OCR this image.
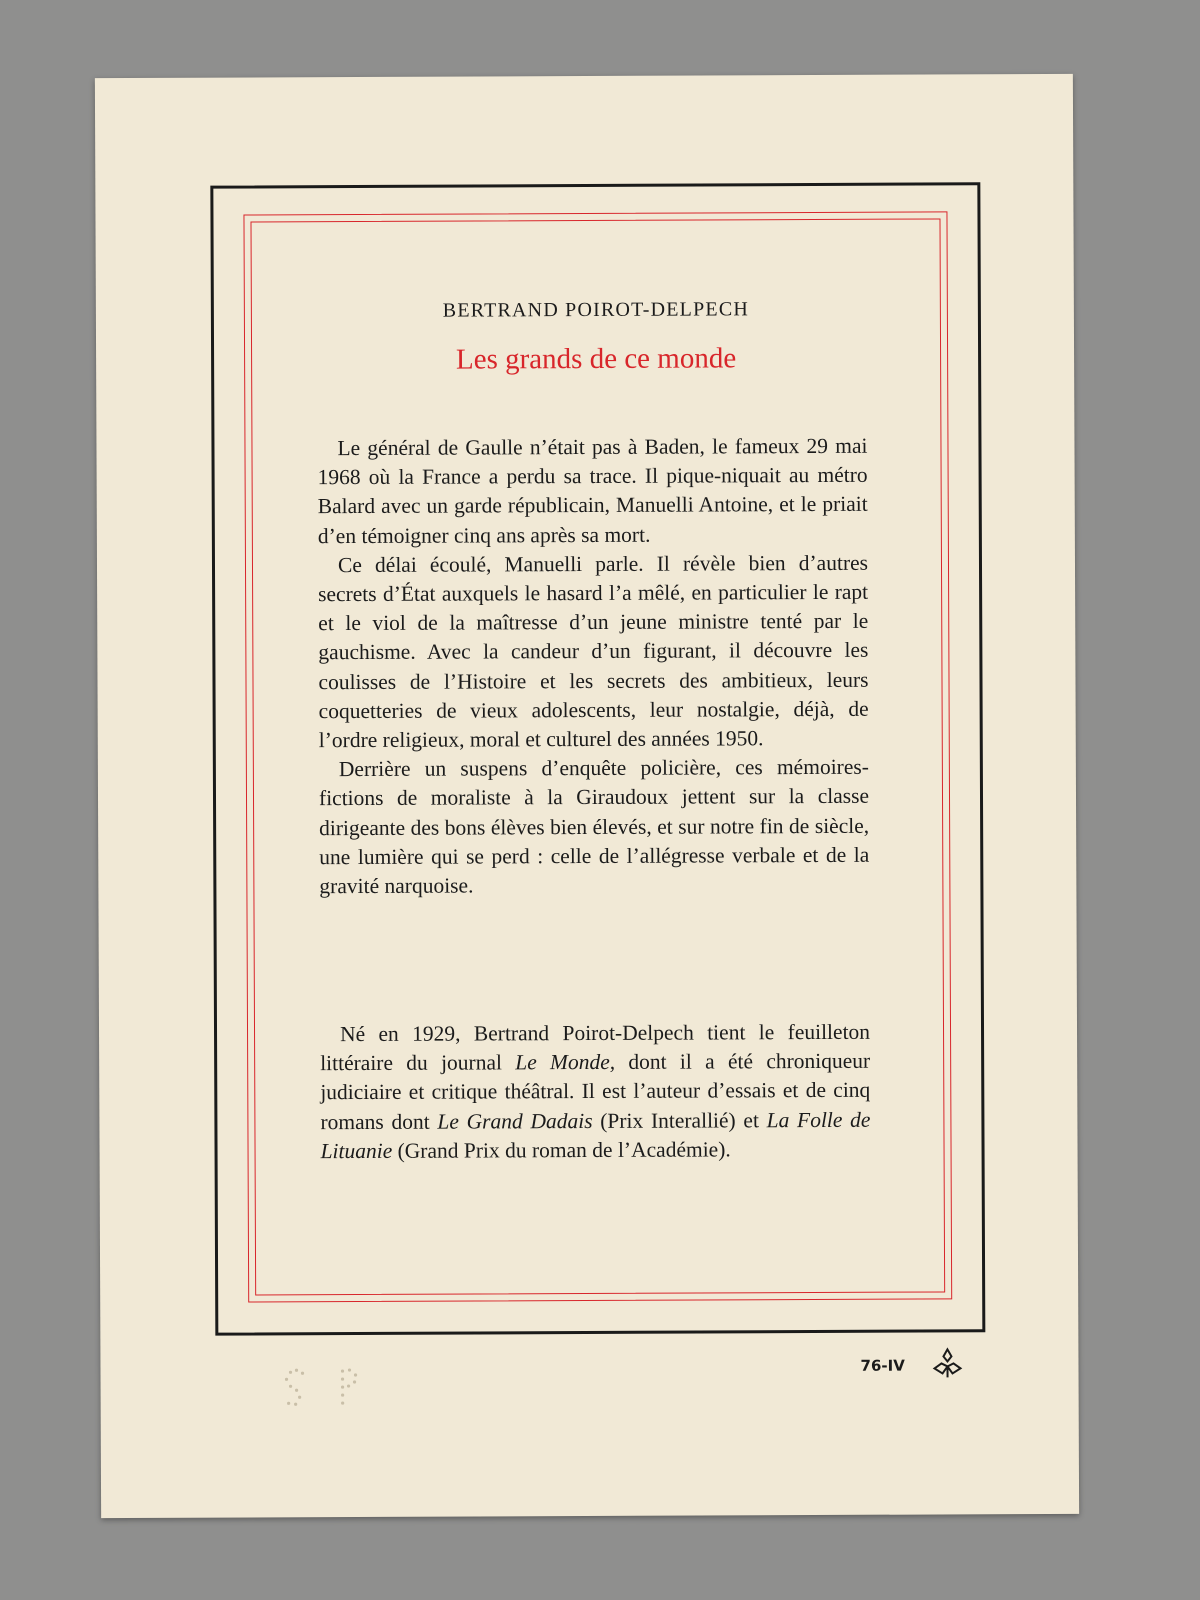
BERTRAND POIROT-DELPECH
Les grands de ce monde

Le général de Gaulle n’était pas à Baden, le fameux 29 mai 1968 où la France a perdu sa trace. Il pique-niquait au métro Balard avec un garde républicain, Manuelli Antoine, et le priait d’en témoigner cinq ans après sa mort.

Ce délai écoulé, Manuelli parle. Il révèle bien d’autres secrets d’État auxquels le hasard l’a mêlé, en particulier le rapt et le viol de la maîtresse d’un jeune ministre tenté par le gauchisme. Avec la candeur d’un figurant, il découvre les coulisses de l’Histoire et les secrets des ambitieux, leurs coquetteries de vieux adolescents, leur nostalgie, déjà, de l’ordre religieux, moral et culturel des années 1950.

Derrière un suspens d’enquête policière, ces mémoires-fictions de moraliste à la Giraudoux jettent sur la classe dirigeante des bons élèves bien élevés, et sur notre fin de siècle, une lumière qui se perd : celle de l’allégresse verbale et de la gravité narquoise.

Né en 1929, Bertrand Poirot-Delpech tient le feuilleton littéraire du journal Le Monde, dont il a été chroniqueur judiciaire et critique théâtral. Il est l’auteur d’essais et de cinq romans dont Le Grand Dadais (Prix Interallié) et La Folle de Lituanie (Grand Prix du roman de l’Académie).
76-IV
